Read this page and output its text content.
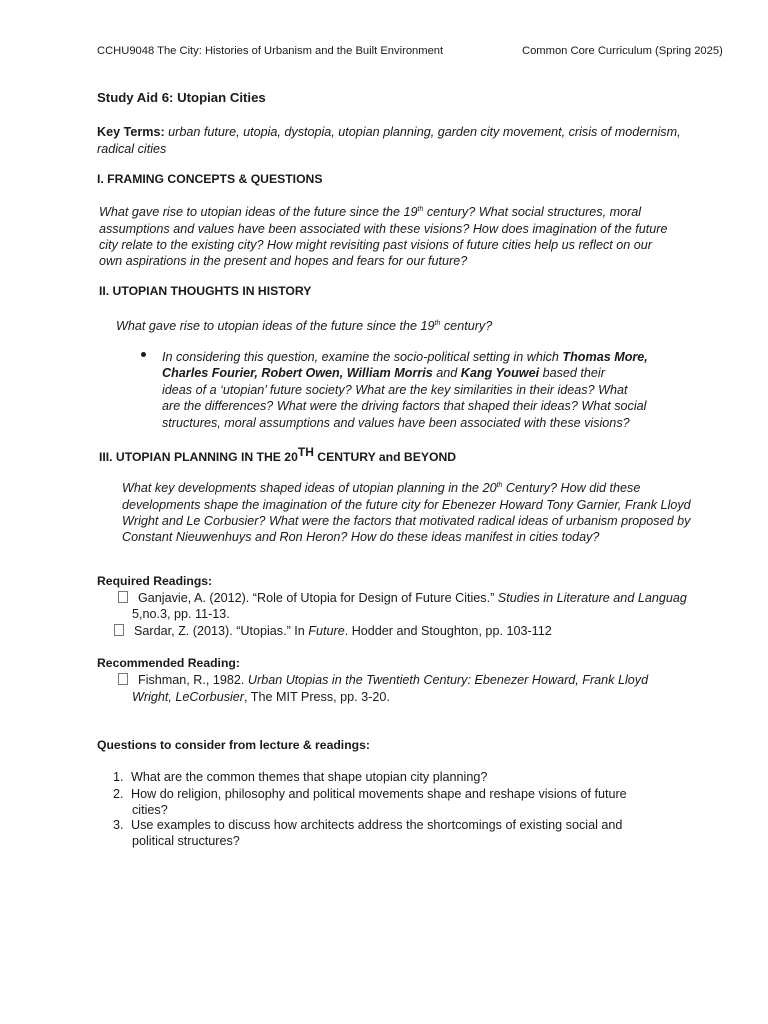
CCHU9048 The City: Histories of Urbanism and the Built Environment	Common Core Curriculum (Spring 2025)
Study Aid 6: Utopian Cities
Key Terms: urban future, utopia, dystopia, utopian planning, garden city movement, crisis of modernism,
radical cities
I. FRAMING CONCEPTS & QUESTIONS
What gave rise to utopian ideas of the future since the 19th century? What social structures, moral
assumptions and values have been associated with these visions? How does imagination of the future
city relate to the existing city? How might revisiting past visions of future cities help us reflect on our
own aspirations in the present and hopes and fears for our future?
II. UTOPIAN THOUGHTS IN HISTORY
What gave rise to utopian ideas of the future since the 19th century?
In considering this question, examine the socio-political setting in which Thomas More,
Charles Fourier, Robert Owen, William Morris and Kang Youwei based their
ideas of a ‘utopian’ future society? What are the key similarities in their ideas? What
are the differences? What were the driving factors that shaped their ideas? What social
structures, moral assumptions and values have been associated with these visions?
III. UTOPIAN PLANNING IN THE 20TH CENTURY and BEYOND
What key developments shaped ideas of utopian planning in the 20th Century? How did these
developments shape the imagination of the future city for Ebenezer Howard Tony Garnier, Frank Lloyd
Wright and Le Corbusier? What were the factors that motivated radical ideas of urbanism proposed by
Constant Nieuwenhuys and Ron Heron? How do these ideas manifest in cities today?
Required Readings:
Ganjavie, A. (2012). “Role of Utopia for Design of Future Cities.” Studies in Literature and Languag
5,no.3, pp. 11-13.
Sardar, Z. (2013). “Utopias.” In Future. Hodder and Stoughton, pp. 103-112
Recommended Reading:
Fishman, R., 1982. Urban Utopias in the Twentieth Century: Ebenezer Howard, Frank Lloyd
Wright, LeCorbusier, The MIT Press, pp. 3-20.
Questions to consider from lecture & readings:
1. What are the common themes that shape utopian city planning?
2. How do religion, philosophy and political movements shape and reshape visions of future
cities?
3. Use examples to discuss how architects address the shortcomings of existing social and
political structures?
